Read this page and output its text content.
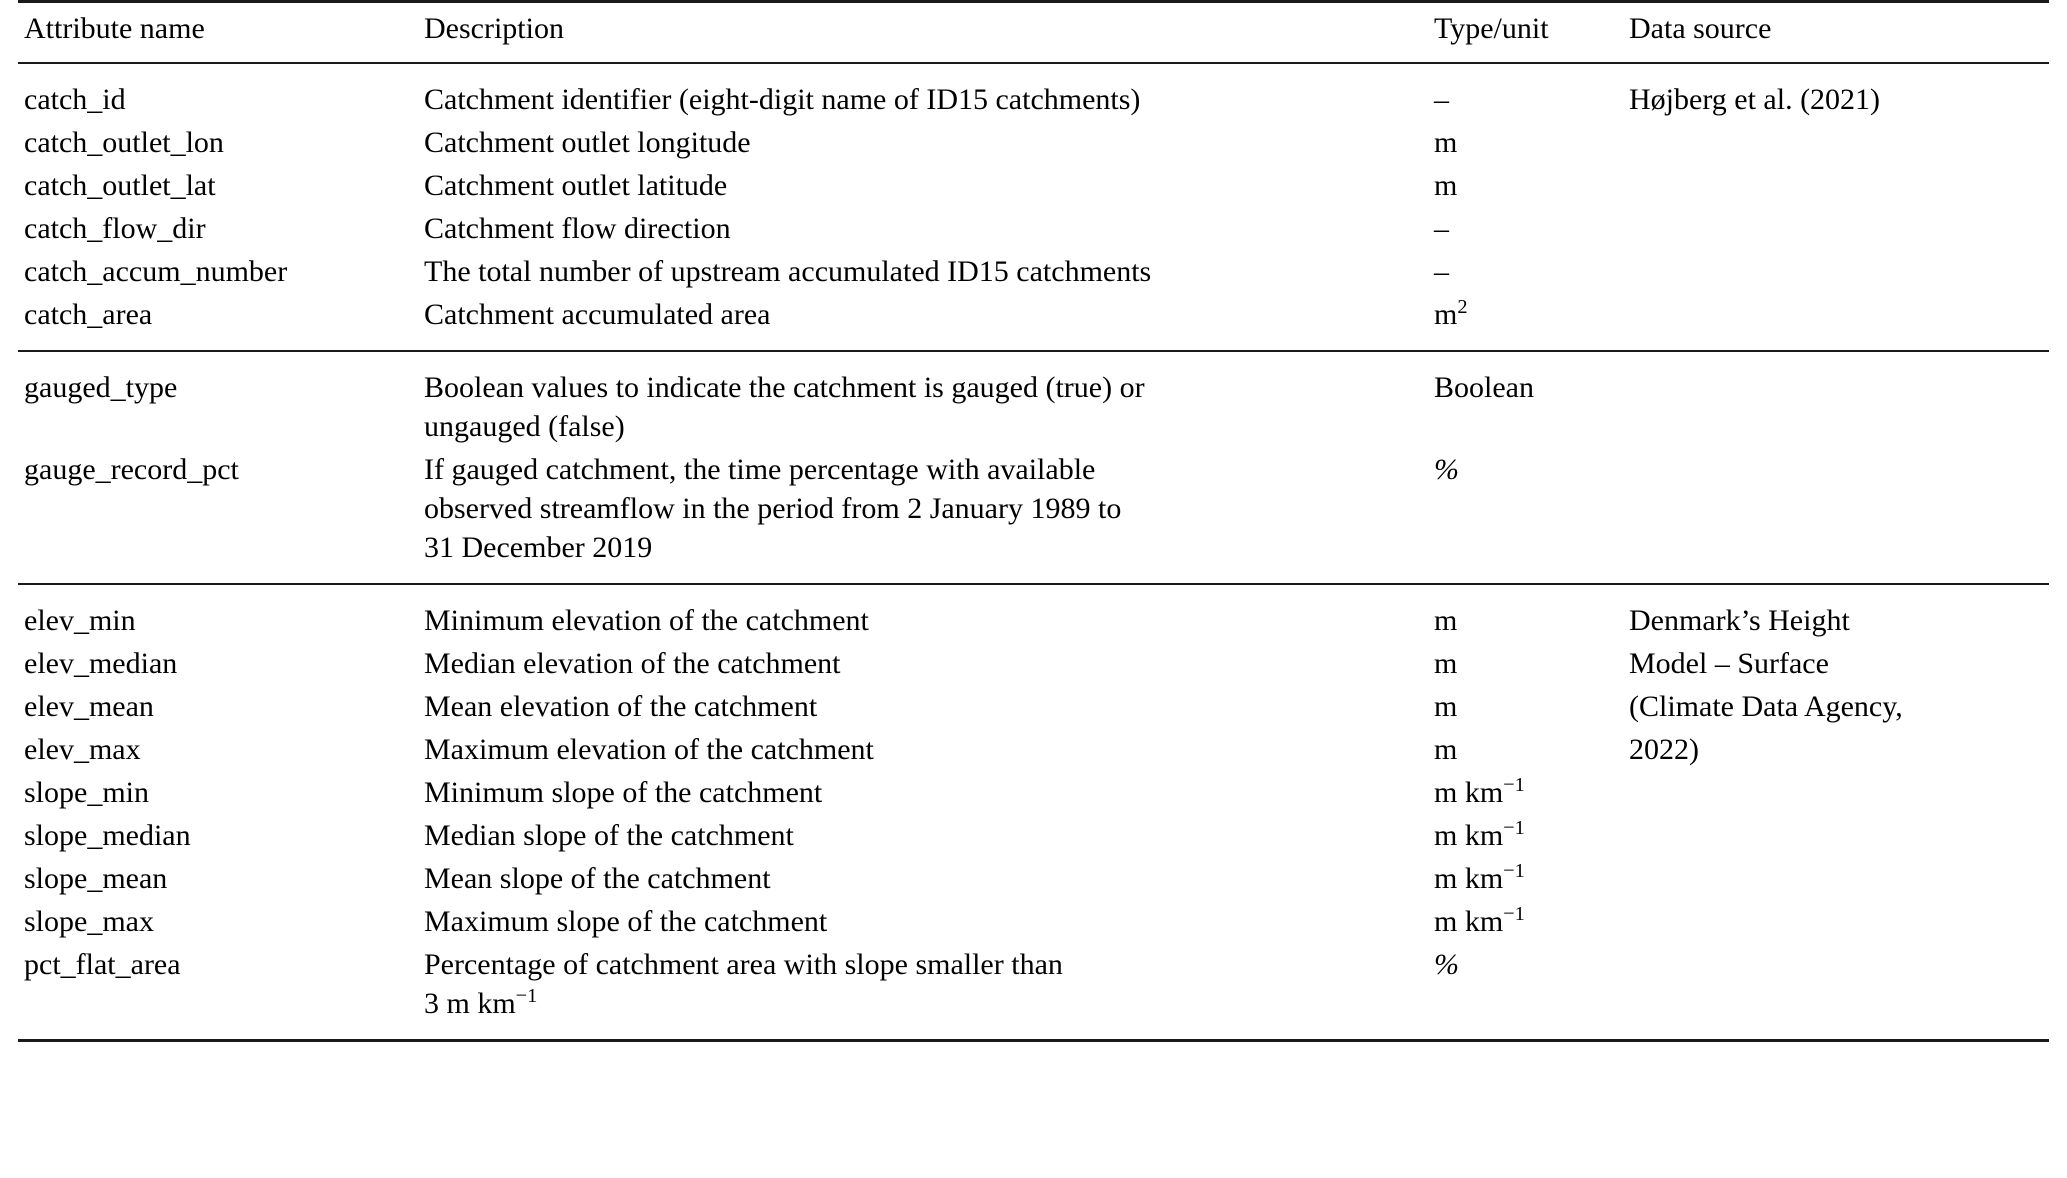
Attribute name	Description	Type/unit	Data source
catch_id	Catchment identifier (eight-digit name of ID15 catchments)	–	Højberg et al. (2021)
catch_outlet_lon	Catchment outlet longitude	m	
catch_outlet_lat	Catchment outlet latitude	m	
catch_flow_dir	Catchment flow direction	–	
catch_accum_number	The total number of upstream accumulated ID15 catchments	–	
catch_area	Catchment accumulated area	$m^2$	

gauged_type	Boolean values to indicate the catchment is gauged (true) or
ungauged (false)	Boolean	
gauge_record_pct	If gauged catchment, the time percentage with available
observed streamflow in the period from 2 January 1989 to
31 December 2019	%	

elev_min	Minimum elevation of the catchment	m	Denmark’s Height
elev_median	Median elevation of the catchment	m	Model – Surface
elev_mean	Mean elevation of the catchment	m	(Climate Data Agency,
elev_max	Maximum elevation of the catchment	m	2022)
slope_min	Minimum slope of the catchment	m $km^{-1}$	
slope_median	Median slope of the catchment	m $km^{-1}$	
slope_mean	Mean slope of the catchment	m $km^{-1}$	
slope_max	Maximum slope of the catchment	m $km^{-1}$	
pct_flat_area	Percentage of catchment area with slope smaller than
3 m $km^{-1}$	%	
